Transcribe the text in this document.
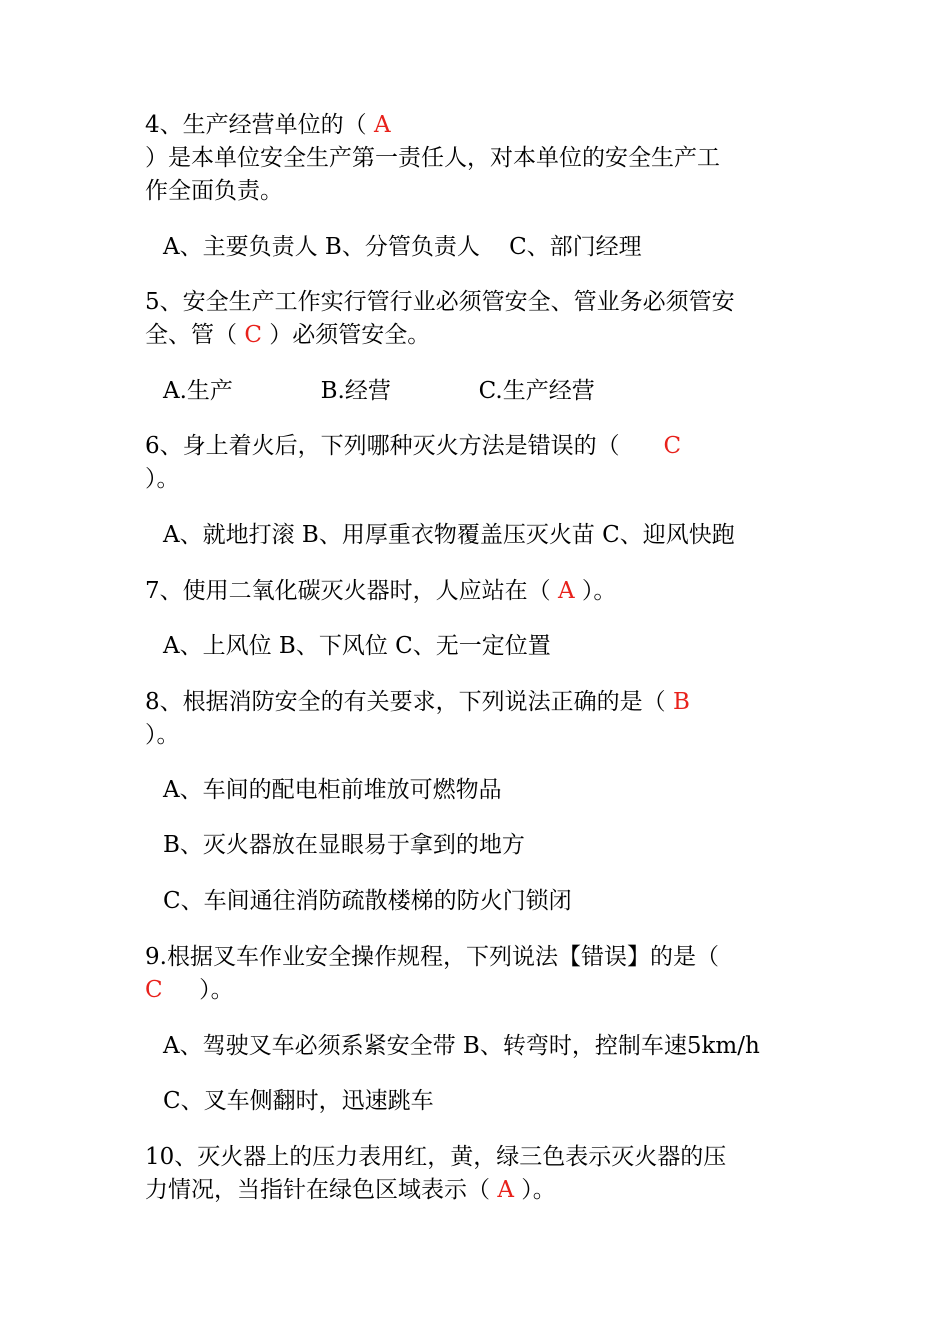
4、生产经营单位的（ A
）是本单位安全生产第一责任人，对本单位的安全生产工
作全面负责。
A、主要负责人 B、分管负责人    C、部门经理
5、安全生产工作实行管行业必须管安全、管业务必须管安
全、管（ C ）必须管安全。
A.生产            B.经营            C.生产经营
6、身上着火后，下列哪种灭火方法是错误的（      C
）。
A、就地打滚 B、用厚重衣物覆盖压灭火苗 C、迎风快跑
7、使用二氧化碳灭火器时，人应站在（ A ）。
A、上风位 B、下风位 C、无一定位置
8、根据消防安全的有关要求，下列说法正确的是（ B
）。
A、车间的配电柜前堆放可燃物品
B、灭火器放在显眼易于拿到的地方
C、车间通往消防疏散楼梯的防火门锁闭
9.根据叉车作业安全操作规程，下列说法【错误】的是（
C     ）。
A、驾驶叉车必须系紧安全带 B、转弯时，控制车速5km/h
C、叉车侧翻时，迅速跳车
10、灭火器上的压力表用红，黄，绿三色表示灭火器的压
力情况，当指针在绿色区域表示（ A ）。
